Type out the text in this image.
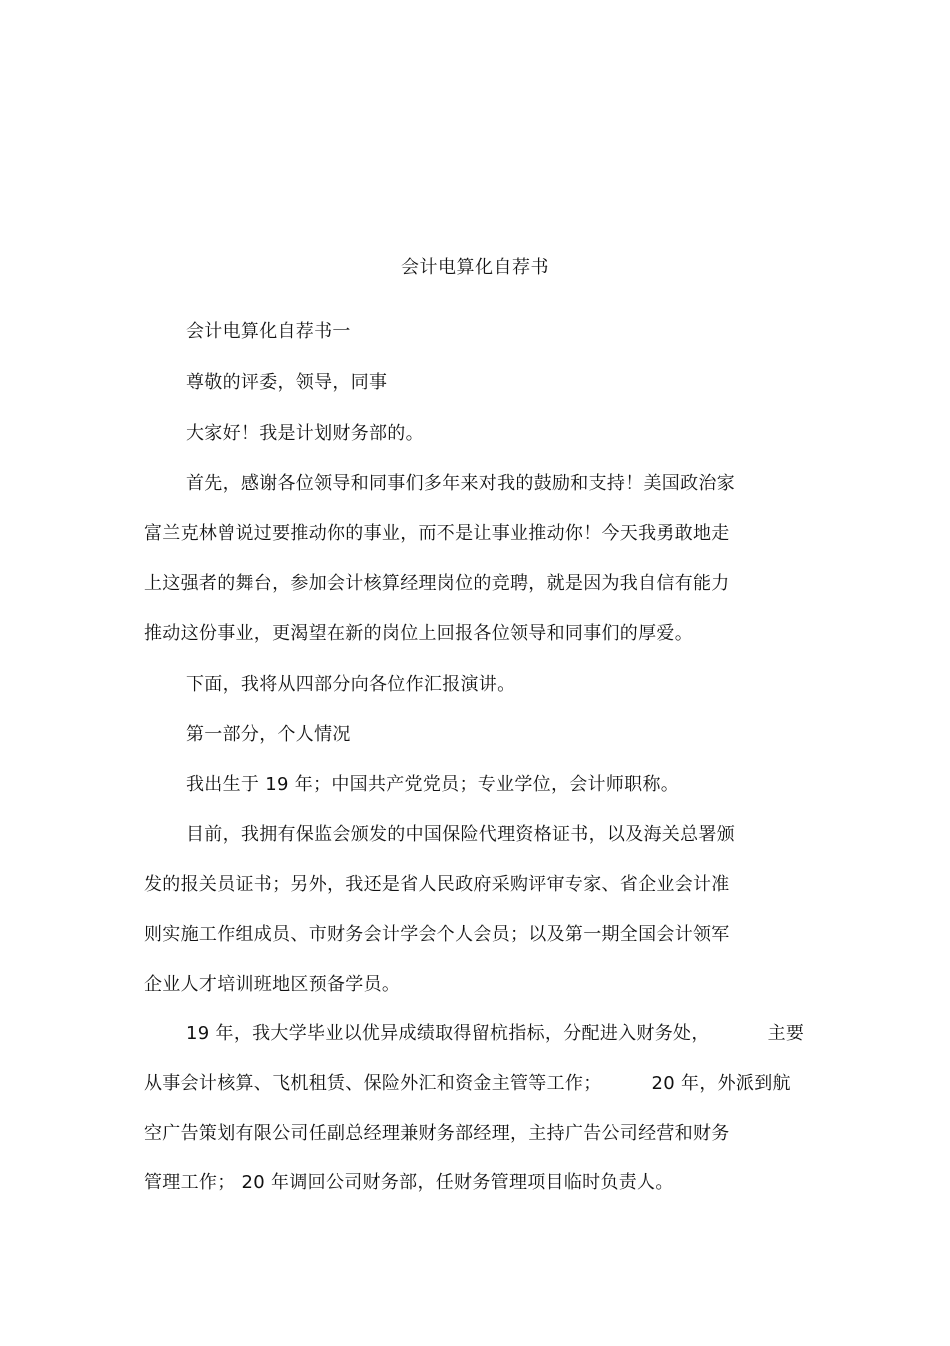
会计电算化自荐书
会计电算化自荐书一
尊敬的评委，领导，同事
大家好！我是计划财务部的。
首先，感谢各位领导和同事们多年来对我的鼓励和支持！美国政治家
富兰克林曾说过要推动你的事业，而不是让事业推动你！今天我勇敢地走
上这强者的舞台，参加会计核算经理岗位的竞聘，就是因为我自信有能力
推动这份事业，更渴望在新的岗位上回报各位领导和同事们的厚爱。
下面，我将从四部分向各位作汇报演讲。
第一部分，个人情况
我出生于 19 年；中国共产党党员；专业学位，会计师职称。
目前，我拥有保监会颁发的中国保险代理资格证书，以及海关总署颁
发的报关员证书；另外，我还是省人民政府采购评审专家、省企业会计准
则实施工作组成员、市财务会计学会个人会员；以及第一期全国会计领军
企业人才培训班地区预备学员。
19 年，我大学毕业以优异成绩取得留杭指标，分配进入财务处，	主要
从事会计核算、飞机租赁、保险外汇和资金主管等工作；	20 年，外派到航
空广告策划有限公司任副总经理兼财务部经理，主持广告公司经营和财务
管理工作； 20 年调回公司财务部，任财务管理项目临时负责人。
